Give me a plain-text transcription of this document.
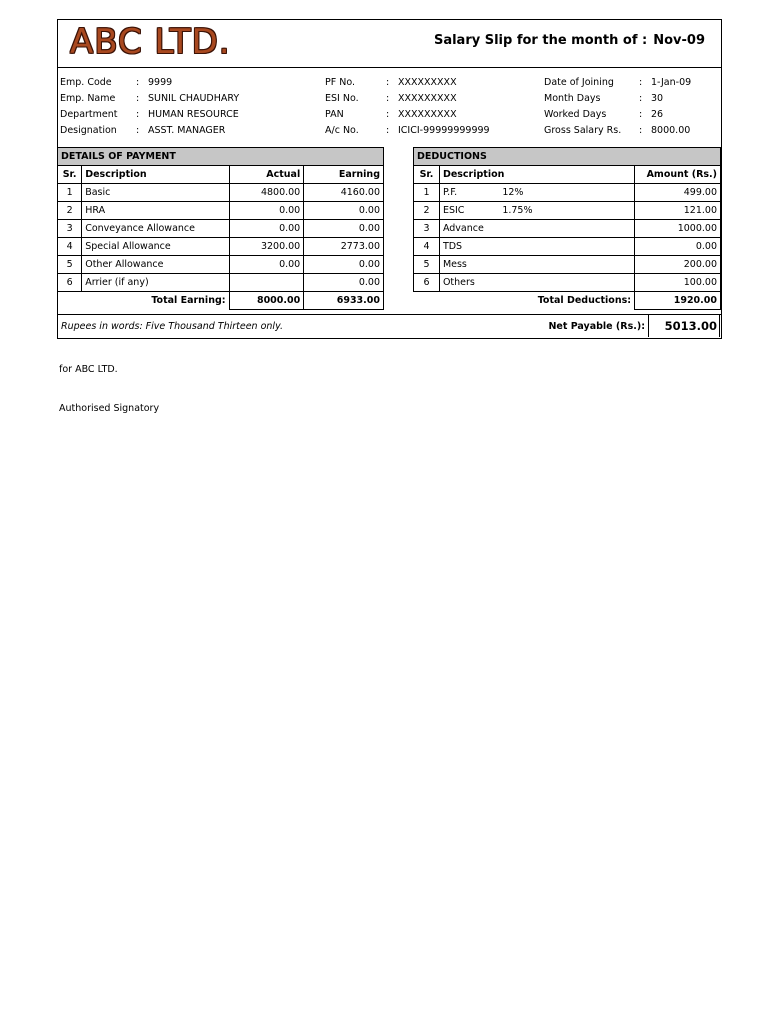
ABC LTD.	Salary Slip for the month of : Nov-09
Emp. Code	: 9999
Emp. Name : SUNIL CHAUDHARY
Department : HUMAN RESOURCE
Designation : ASST. MANAGER
PF No.	: XXXXXXXXX
ESI No.	: XXXXXXXXX
PAN	: XXXXXXXXX
A/c No.	: ICICI-99999999999
Date of Joining	: 1-Jan-09
Month Days	: 30
Worked Days	: 26
Gross Salary Rs. : 8000.00
DETAILS OF PAYMENT			
Sr.	Description	Actual	Earning
1	Basic	4800.00	4160.00
2	HRA	0.00	0.00
3	Conveyance Allowance	0.00	0.00
4	Special Allowance	3200.00	2773.00
5	Other Allowance	0.00	0.00
6	Arrier (if any)		0.00
	Total Earning:	8000.00	6933.00
DEDUCTIONS			
Sr.	Description		Amount (Rs.)
1	P.F.	12%	499.00
2	ESIC	1.75%	121.00
3	Advance		1000.00
4	TDS		0.00
5	Mess		200.00
6	Others		100.00
	Total Deductions:		1920.00
Rupees in words: Five Thousand Thirteen only.	Net Payable (Rs.):	5013.00
for ABC LTD.
Authorised Signatory
